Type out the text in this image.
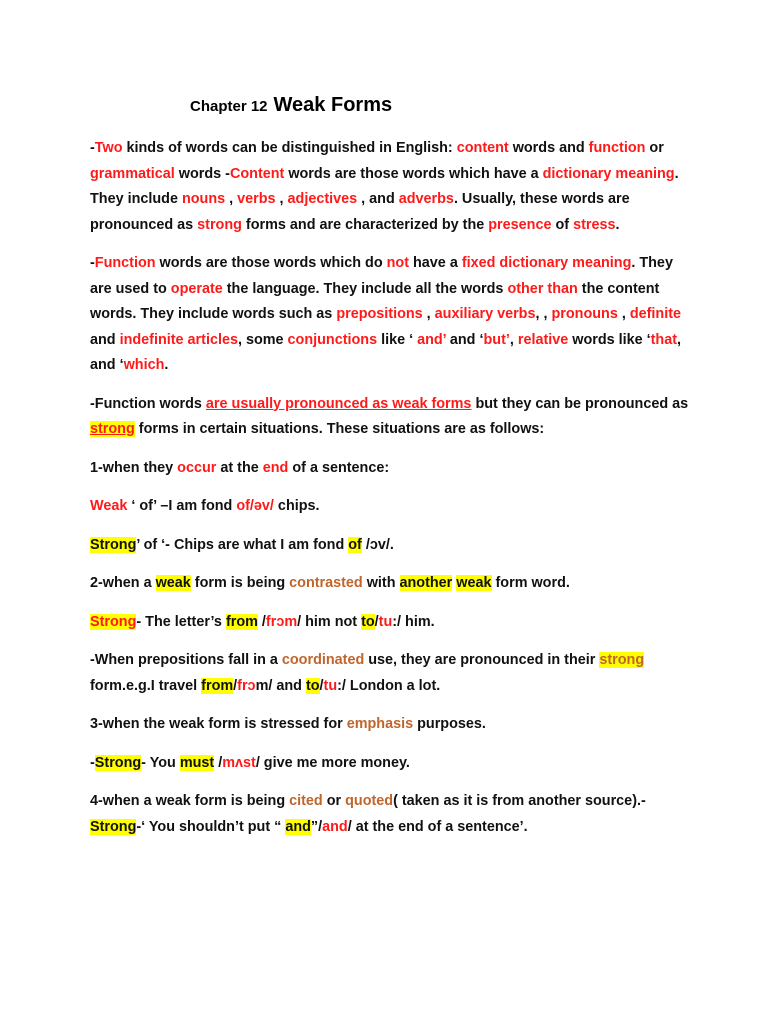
Chapter 12 Weak Forms
-Two kinds of words can be distinguished in English: content words and function or grammatical words -Content words are those words which have a dictionary meaning. They include nouns , verbs , adjectives , and adverbs. Usually, these words are pronounced as strong forms and are characterized by the presence of stress.
-Function words are those words which do not have a fixed dictionary meaning. They are used to operate the language. They include all the words other than the content words. They include words such as prepositions , auxiliary verbs, , pronouns , definite and indefinite articles, some conjunctions like ‘ and’ and ‘but’, relative words like ‘that, and ‘which.
-Function words are usually pronounced as weak forms but they can be pronounced as strong forms in certain situations. These situations are as follows:
1-when they occur at the end of a sentence:
Weak ‘ of’ –I am fond of/əv/ chips.
Strong’ of ‘- Chips are what I am fond of /ɔv/.
2-when a weak form is being contrasted with another weak form word.
Strong- The letter’s from /frɔm/ him not to/tu:/ him.
-When prepositions fall in a coordinated use, they are pronounced in their strong form.e.g.I travel from/frɔm/ and to/tu:/ London a lot.
3-when the weak form is stressed for emphasis purposes.
-Strong- You must /mʌst/ give me more money.
4-when a weak form is being cited or quoted( taken as it is from another source).- Strong-‘ You shouldn’t put “ and”/and/ at the end of a sentence’.
